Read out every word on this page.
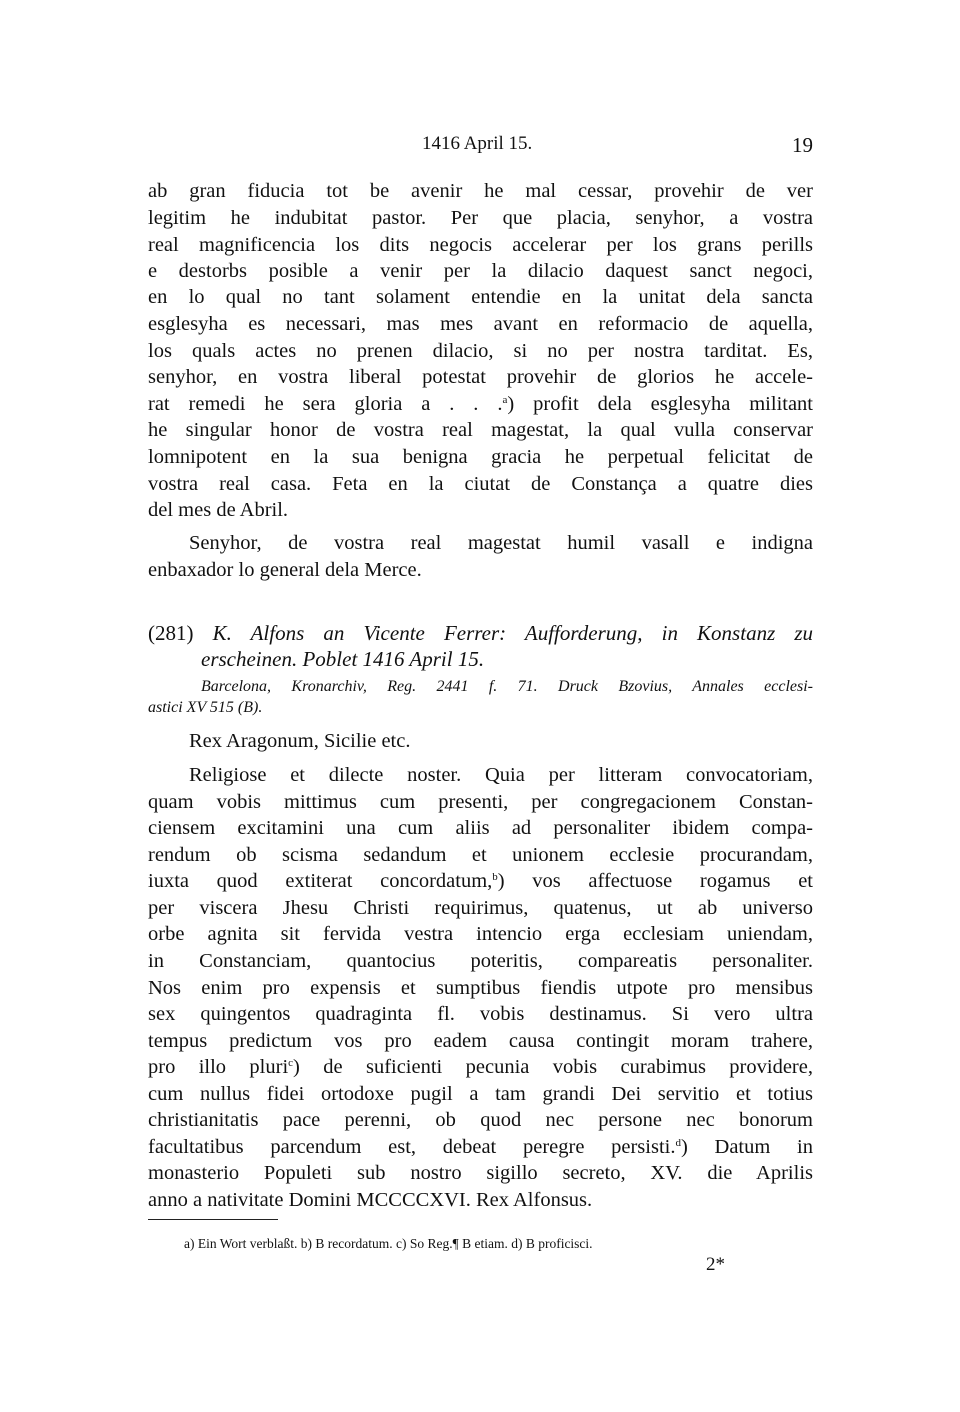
1416 April 15.	19
ab gran fiducia tot be avenir he mal cessar, provehir de ver
legitim he indubitat pastor. Per que placia, senyhor, a vostra
real magnificencia los dits negocis accelerar per los grans perills
e destorbs posible a venir per la dilacio daquest sanct negoci,
en lo qual no tant solament entendie en la unitat dela sancta
esglesyha es necessari, mas mes avant en reformacio de aquella,
los quals actes no prenen dilacio, si no per nostra tarditat. Es,
senyhor, en vostra liberal potestat provehir de glorios he accele-
rat remedi he sera gloria a . . .$^a$) profit dela esglesyha militant
he singular honor de vostra real magestat, la qual vulla conservar
lomnipotent en la sua benigna gracia he perpetual felicitat de
vostra real casa. Feta en la ciutat de Constança a quatre dies
del mes de Abril.
Senyhor, de vostra real magestat humil vasall e indigna
enbaxador lo general dela Merce.
(281) K. Alfons an Vicente Ferrer: Aufforderung, in Konstanz zu
erscheinen. Poblet 1416 April 15.
Barcelona, Kronarchiv, Reg. 2441 f. 71. Druck Bzovius, Annales ecclesi-
astici XV 515 (B).
Rex Aragonum, Sicilie etc.
Religiose et dilecte noster. Quia per litteram convocatoriam,
quam vobis mittimus cum presenti, per congregacionem Constan-
ciensem excitamini una cum aliis ad personaliter ibidem compa-
rendum ob scisma sedandum et unionem ecclesie procurandam,
iuxta quod extiterat concordatum,$^b$) vos affectuose rogamus et
per viscera Jhesu Christi requirimus, quatenus, ut ab universo
orbe agnita sit fervida vestra intencio erga ecclesiam uniendam,
in Constanciam, quantocius poteritis, compareatis personaliter.
Nos enim pro expensis et sumptibus fiendis utpote pro mensibus
sex quingentos quadraginta fl. vobis destinamus. Si vero ultra
tempus predictum vos pro eadem causa contingit moram trahere,
pro illo pluri$^c$) de suficienti pecunia vobis curabimus providere,
cum nullus fidei ortodoxe pugil a tam grandi Dei servitio et totius
christianitatis pace perenni, ob quod nec persone nec bonorum
facultatibus parcendum est, debeat peregre persisti.$^d$) Datum in
monasterio Populeti sub nostro sigillo secreto, XV. die Aprilis
anno a nativitate Domini MCCCCXVI. Rex Alfonsus.
a) Ein Wort verblaßt. b) B recordatum. c) So Reg.¶ B etiam. d) B proficisci.
2*
